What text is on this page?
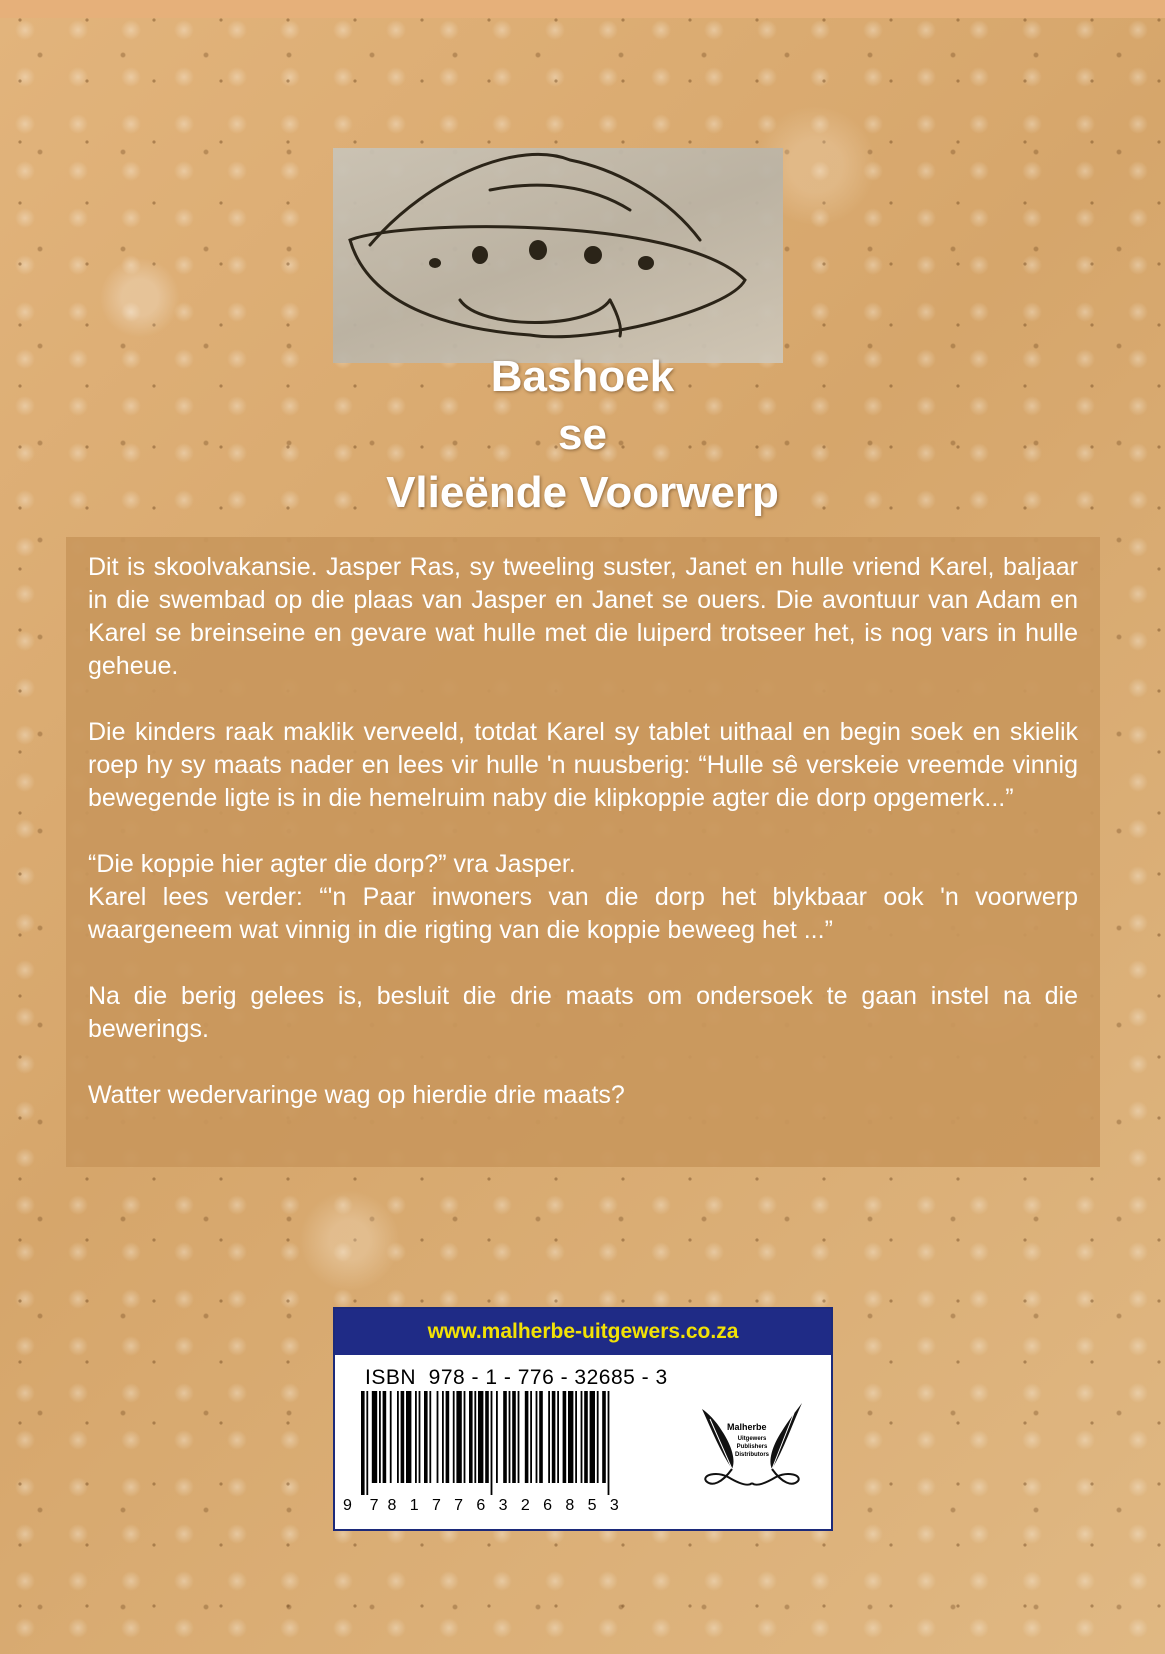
Bashoek
se
Vlieënde Voorwerp

Dit is skoolvakansie. Jasper Ras, sy tweeling suster, Janet en hulle vriend Karel, baljaar in die swembad op die plaas van Jasper en Janet se ouers. Die avontuur van Adam en Karel se breinseine en gevare wat hulle met die luiperd trotseer het, is nog vars in hulle geheue.

Die kinders raak maklik verveeld, totdat Karel sy tablet uithaal en begin soek en skielik roep hy sy maats nader en lees vir hulle 'n nuusberig: “Hulle sê verskeie vreemde vinnig bewegende ligte is in die hemelruim naby die klipkoppie agter die dorp opgemerk...”

“Die koppie hier agter die dorp?” vra Jasper.

Karel lees verder: “'n Paar inwoners van die dorp het blykbaar ook 'n voorwerp waargeneem wat vinnig in die rigting van die koppie beweeg het ...”

Na die berig gelees is, besluit die drie maats om ondersoek te gaan instel na die bewerings.

Watter wedervaringe wag op hierdie drie maats?

www.malherbe-uitgewers.co.za
ISBN  978 - 1 - 776 - 32685 - 3
9    7  8   1   7   7   6   3   2   6   8   5   3
Malherbe
Uitgewers Publishers Distributors
